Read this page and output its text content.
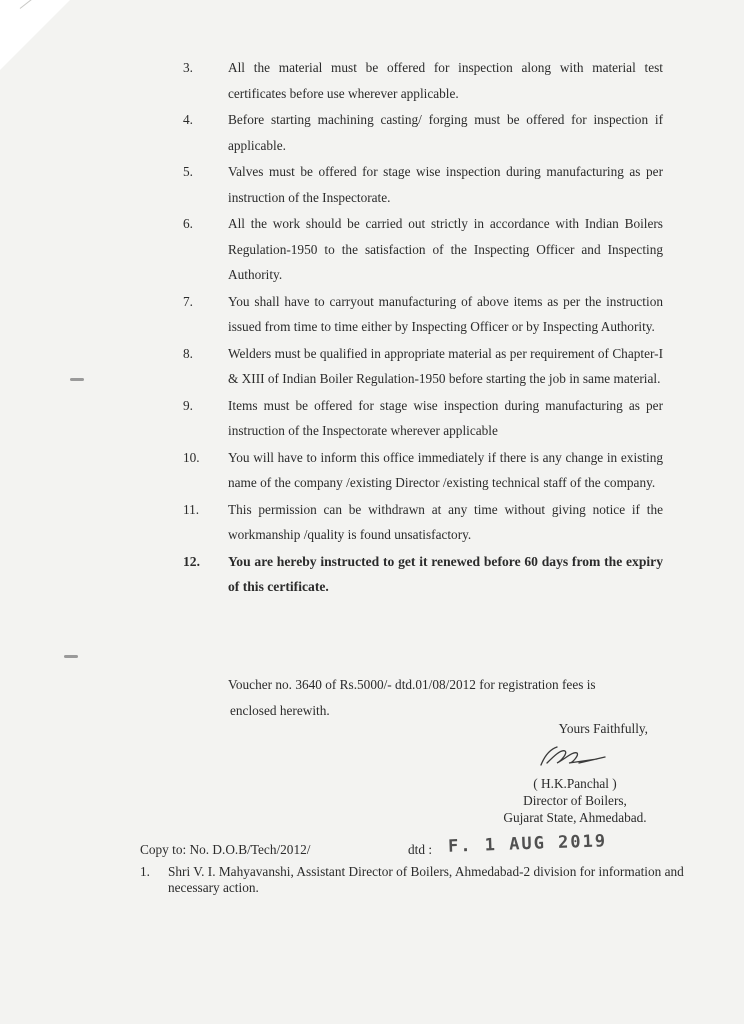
3.	All the material must be offered for inspection along with material test certificates before use wherever applicable.
4.	Before starting machining casting/ forging must be offered for inspection if applicable.
5.	Valves must be offered for stage wise inspection during manufacturing as per instruction of the Inspectorate.
6.	All the work should be carried out strictly in accordance with Indian Boilers Regulation-1950 to the satisfaction of the Inspecting Officer and Inspecting Authority.
7.	You shall have to carryout manufacturing of above items as per the instruction issued from time to time either by Inspecting Officer or by Inspecting Authority.
8.	Welders must be qualified in appropriate material as per requirement of Chapter-I & XIII of Indian Boiler Regulation-1950 before starting the job in same material.
9.	Items must be offered for stage wise inspection during manufacturing as per instruction of the Inspectorate wherever applicable
10.	You will have to inform this office immediately if there is any change in existing name of the company /existing Director /existing technical staff of the company.
11.	This permission can be withdrawn at any time without giving notice if the workmanship /quality is found unsatisfactory.
12.	You are hereby instructed to get it renewed before 60 days from the expiry of this certificate.
Voucher no. 3640 of Rs.5000/- dtd.01/08/2012 for registration fees is
enclosed herewith.
Yours Faithfully,
( H.K.Panchal )
Director of Boilers,
Gujarat State, Ahmedabad.
Copy to: No. D.O.B/Tech/2012/	dtd : F. 1 AUG 2019
1.	Shri V. I. Mahyavanshi, Assistant Director of Boilers, Ahmedabad-2 division for information and necessary action.
